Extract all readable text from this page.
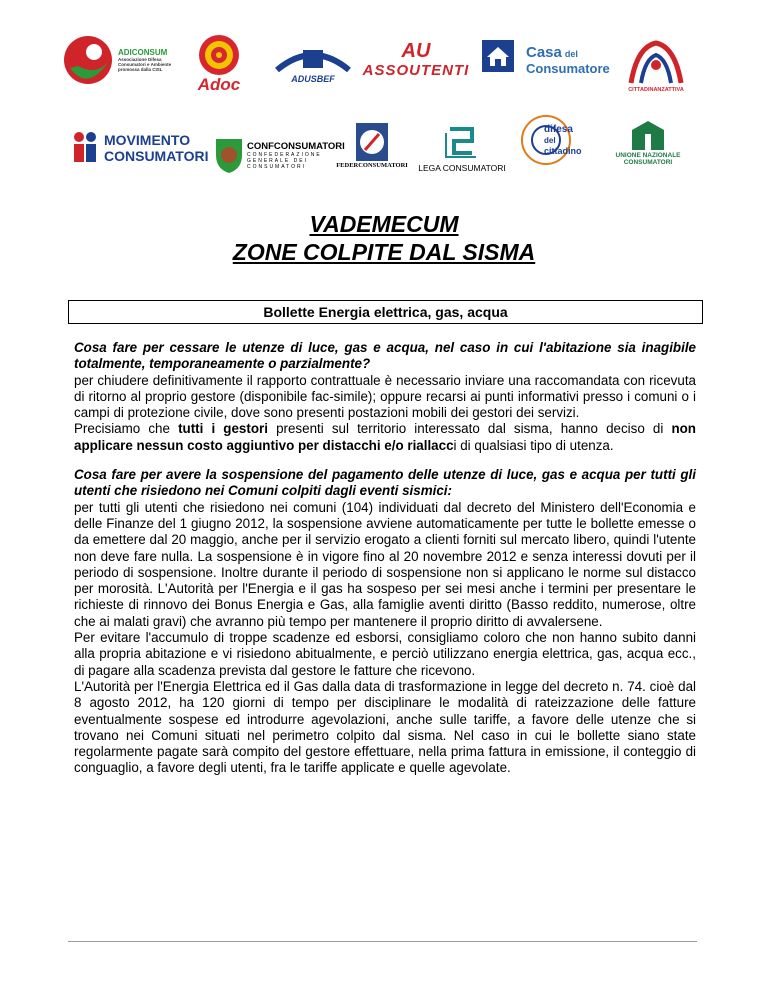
ADICONSUM
Associazione Difesa
Consumatori e Ambiente
promossa dalla CISL
Adoc	ADUSBEF
AU
ASSOUTENTI
Casa del
Consumatore
CITTADINANZATTIVA
MOVIMENTO
CONSUMATORI
CONFCONSUMATORI
CONFEDERAZIONE
GENERALE DEI
CONSUMATORI	FEDERCONSUMATORI LEGA CONSUMATORI
difesa
del
cittadino	UNIONE NAZIONALE
CONSUMATORI
VADEMECUM
ZONE COLPITE DAL SISMA
Bollette Energia elettrica, gas, acqua

Cosa fare per cessare le utenze di luce, gas e acqua, nel caso in cui l'abitazione sia inagibile totalmente, temporaneamente o parzialmente?

per chiudere definitivamente il rapporto contrattuale è necessario inviare una raccomandata con ricevuta di ritorno al proprio gestore (disponibile fac-simile); oppure recarsi ai punti informativi presso i comuni o i campi di protezione civile, dove sono presenti postazioni mobili dei gestori dei servizi.

Precisiamo che tutti i gestori presenti sul territorio interessato dal sisma, hanno deciso di non applicare nessun costo aggiuntivo per distacchi e/o riallacci di qualsiasi tipo di utenza.

Cosa fare per avere la sospensione del pagamento delle utenze di luce, gas e acqua per tutti gli utenti che risiedono nei Comuni colpiti dagli eventi sismici:

per tutti gli utenti che risiedono nei comuni (104) individuati dal decreto del Ministero dell'Economia e delle Finanze del 1 giugno 2012, la sospensione avviene automaticamente per tutte le bollette emesse o da emettere dal 20 maggio, anche per il servizio erogato a clienti forniti sul mercato libero, quindi l'utente non deve fare nulla. La sospensione è in vigore fino al 20 novembre 2012 e senza interessi dovuti per il periodo di sospensione. Inoltre durante il periodo di sospensione non si applicano le norme sul distacco per morosità. L'Autorità per l'Energia e il gas ha sospeso per sei mesi anche i termini per presentare le richieste di rinnovo dei Bonus Energia e Gas, alla famiglie aventi diritto (Basso reddito, numerose, oltre che ai malati gravi) che avranno più tempo per mantenere il proprio diritto di avvalersene.

Per evitare l'accumulo di troppe scadenze ed esborsi, consigliamo coloro che non hanno subito danni alla propria abitazione e vi risiedono abitualmente, e perciò utilizzano energia elettrica, gas, acqua ecc., di pagare alla scadenza prevista dal gestore le fatture che ricevono.

L'Autorità per l'Energia Elettrica ed il Gas dalla data di trasformazione in legge del decreto n. 74. cioè dal 8 agosto 2012, ha 120 giorni di tempo per disciplinare le modalità di rateizzazione delle fatture eventualmente sospese ed introdurre agevolazioni, anche sulle tariffe, a favore delle utenze che si trovano nei Comuni situati nel perimetro colpito dal sisma. Nel caso in cui le bollette siano state regolarmente pagate sarà compito del gestore effettuare, nella prima fattura in emissione, il conteggio di conguaglio, a favore degli utenti, fra le tariffe applicate e quelle agevolate.
